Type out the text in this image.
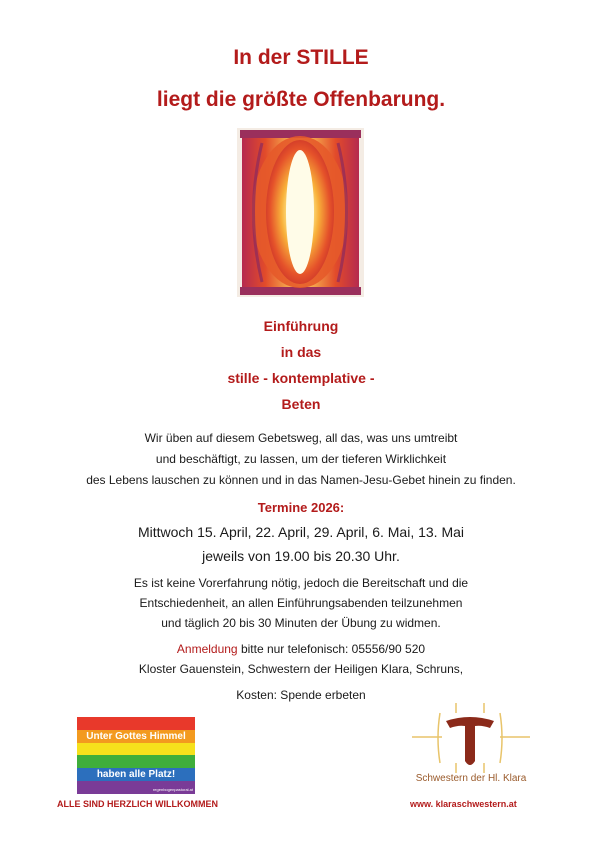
In der STILLE
liegt die größte Offenbarung.
Einführung
in das
stille - kontemplative -
Beten
Wir üben auf diesem Gebetsweg, all das, was uns umtreibt
und beschäftigt, zu lassen, um der tieferen Wirklichkeit
des Lebens lauschen zu können und in das Namen-Jesu-Gebet hinein zu finden.
Termine 2026:
Mittwoch 15. April, 22. April, 29. April, 6. Mai, 13. Mai
jeweils von 19.00 bis 20.30 Uhr.
Es ist keine Vorerfahrung nötig, jedoch die Bereitschaft und die
Entschiedenheit, an allen Einführungsabenden teilzunehmen
und täglich 20 bis 30 Minuten der Übung zu widmen.
Anmeldung bitte nur telefonisch: 05556/90 520
Kloster Gauenstein, Schwestern der Heiligen Klara, Schruns,
Kosten: Spende erbeten
Unter Gottes Himmel
haben alle Platz!
regenbogenpastoral.at
Schwestern der Hl. Klara
ALLE SIND HERZLICH WILLKOMMEN	www. klaraschwestern.at
